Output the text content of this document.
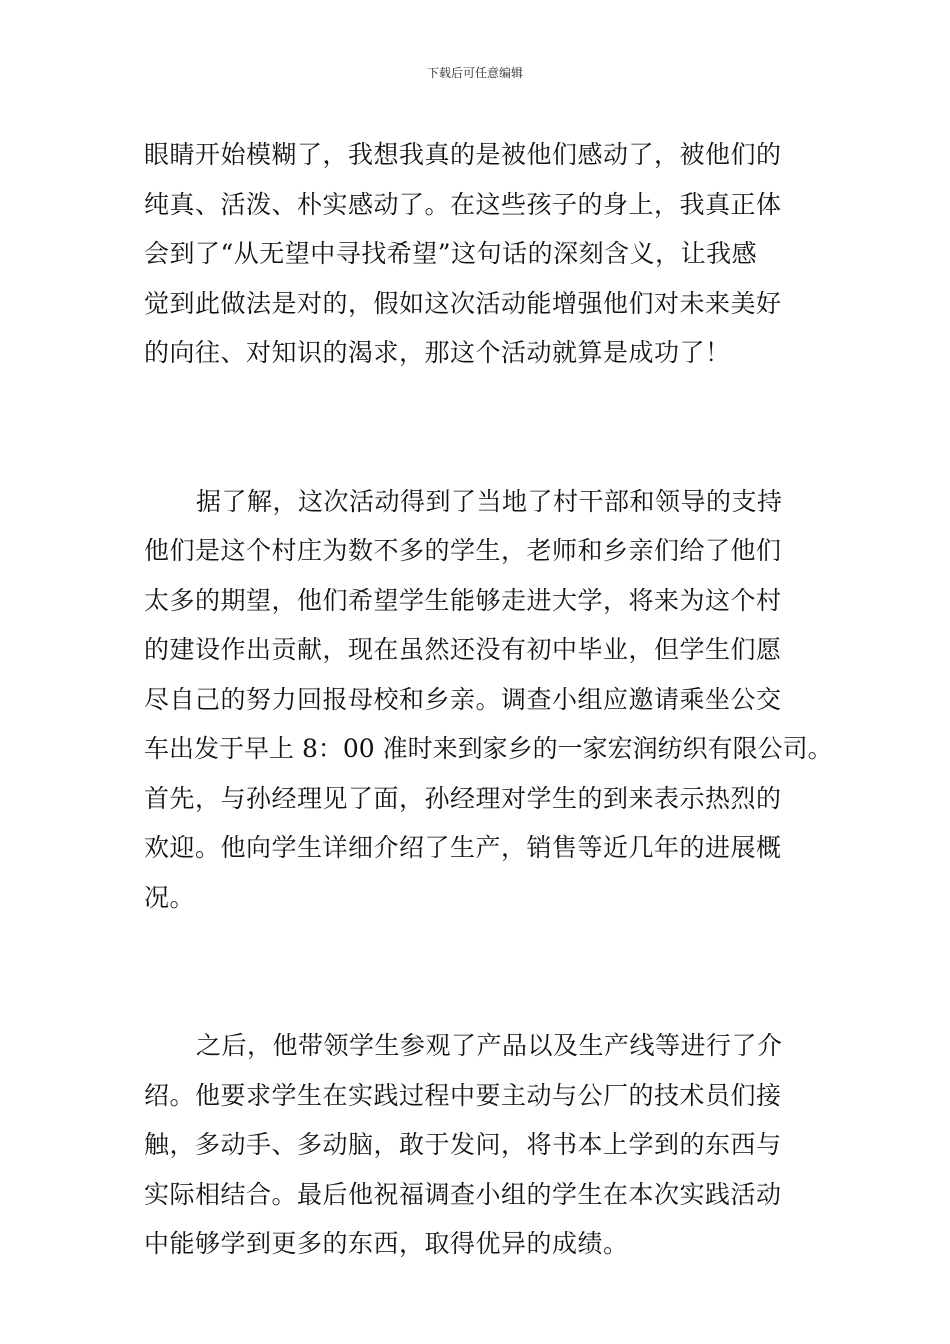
下载后可任意编辑
眼睛开始模糊了，我想我真的是被他们感动了，被他们的
纯真、活泼、朴实感动了。在这些孩子的身上，我真正体
会到了“从无望中寻找希望”这句话的深刻含义，让我感
觉到此做法是对的，假如这次活动能增强他们对未来美好
的向往、对知识的渴求，那这个活动就算是成功了！
据了解，这次活动得到了当地了村干部和领导的支持
他们是这个村庄为数不多的学生，老师和乡亲们给了他们
太多的期望，他们希望学生能够走进大学，将来为这个村
的建设作出贡献，现在虽然还没有初中毕业，但学生们愿
尽自己的努力回报母校和乡亲。调查小组应邀请乘坐公交
车出发于早上 8：00 准时来到家乡的一家宏润纺织有限公司。
首先，与孙经理见了面，孙经理对学生的到来表示热烈的
欢迎。他向学生详细介绍了生产，销售等近几年的进展概
况。
之后，他带领学生参观了产品以及生产线等进行了介
绍。他要求学生在实践过程中要主动与公厂的技术员们接
触，多动手、多动脑，敢于发问，将书本上学到的东西与
实际相结合。最后他祝福调查小组的学生在本次实践活动
中能够学到更多的东西，取得优异的成绩。
